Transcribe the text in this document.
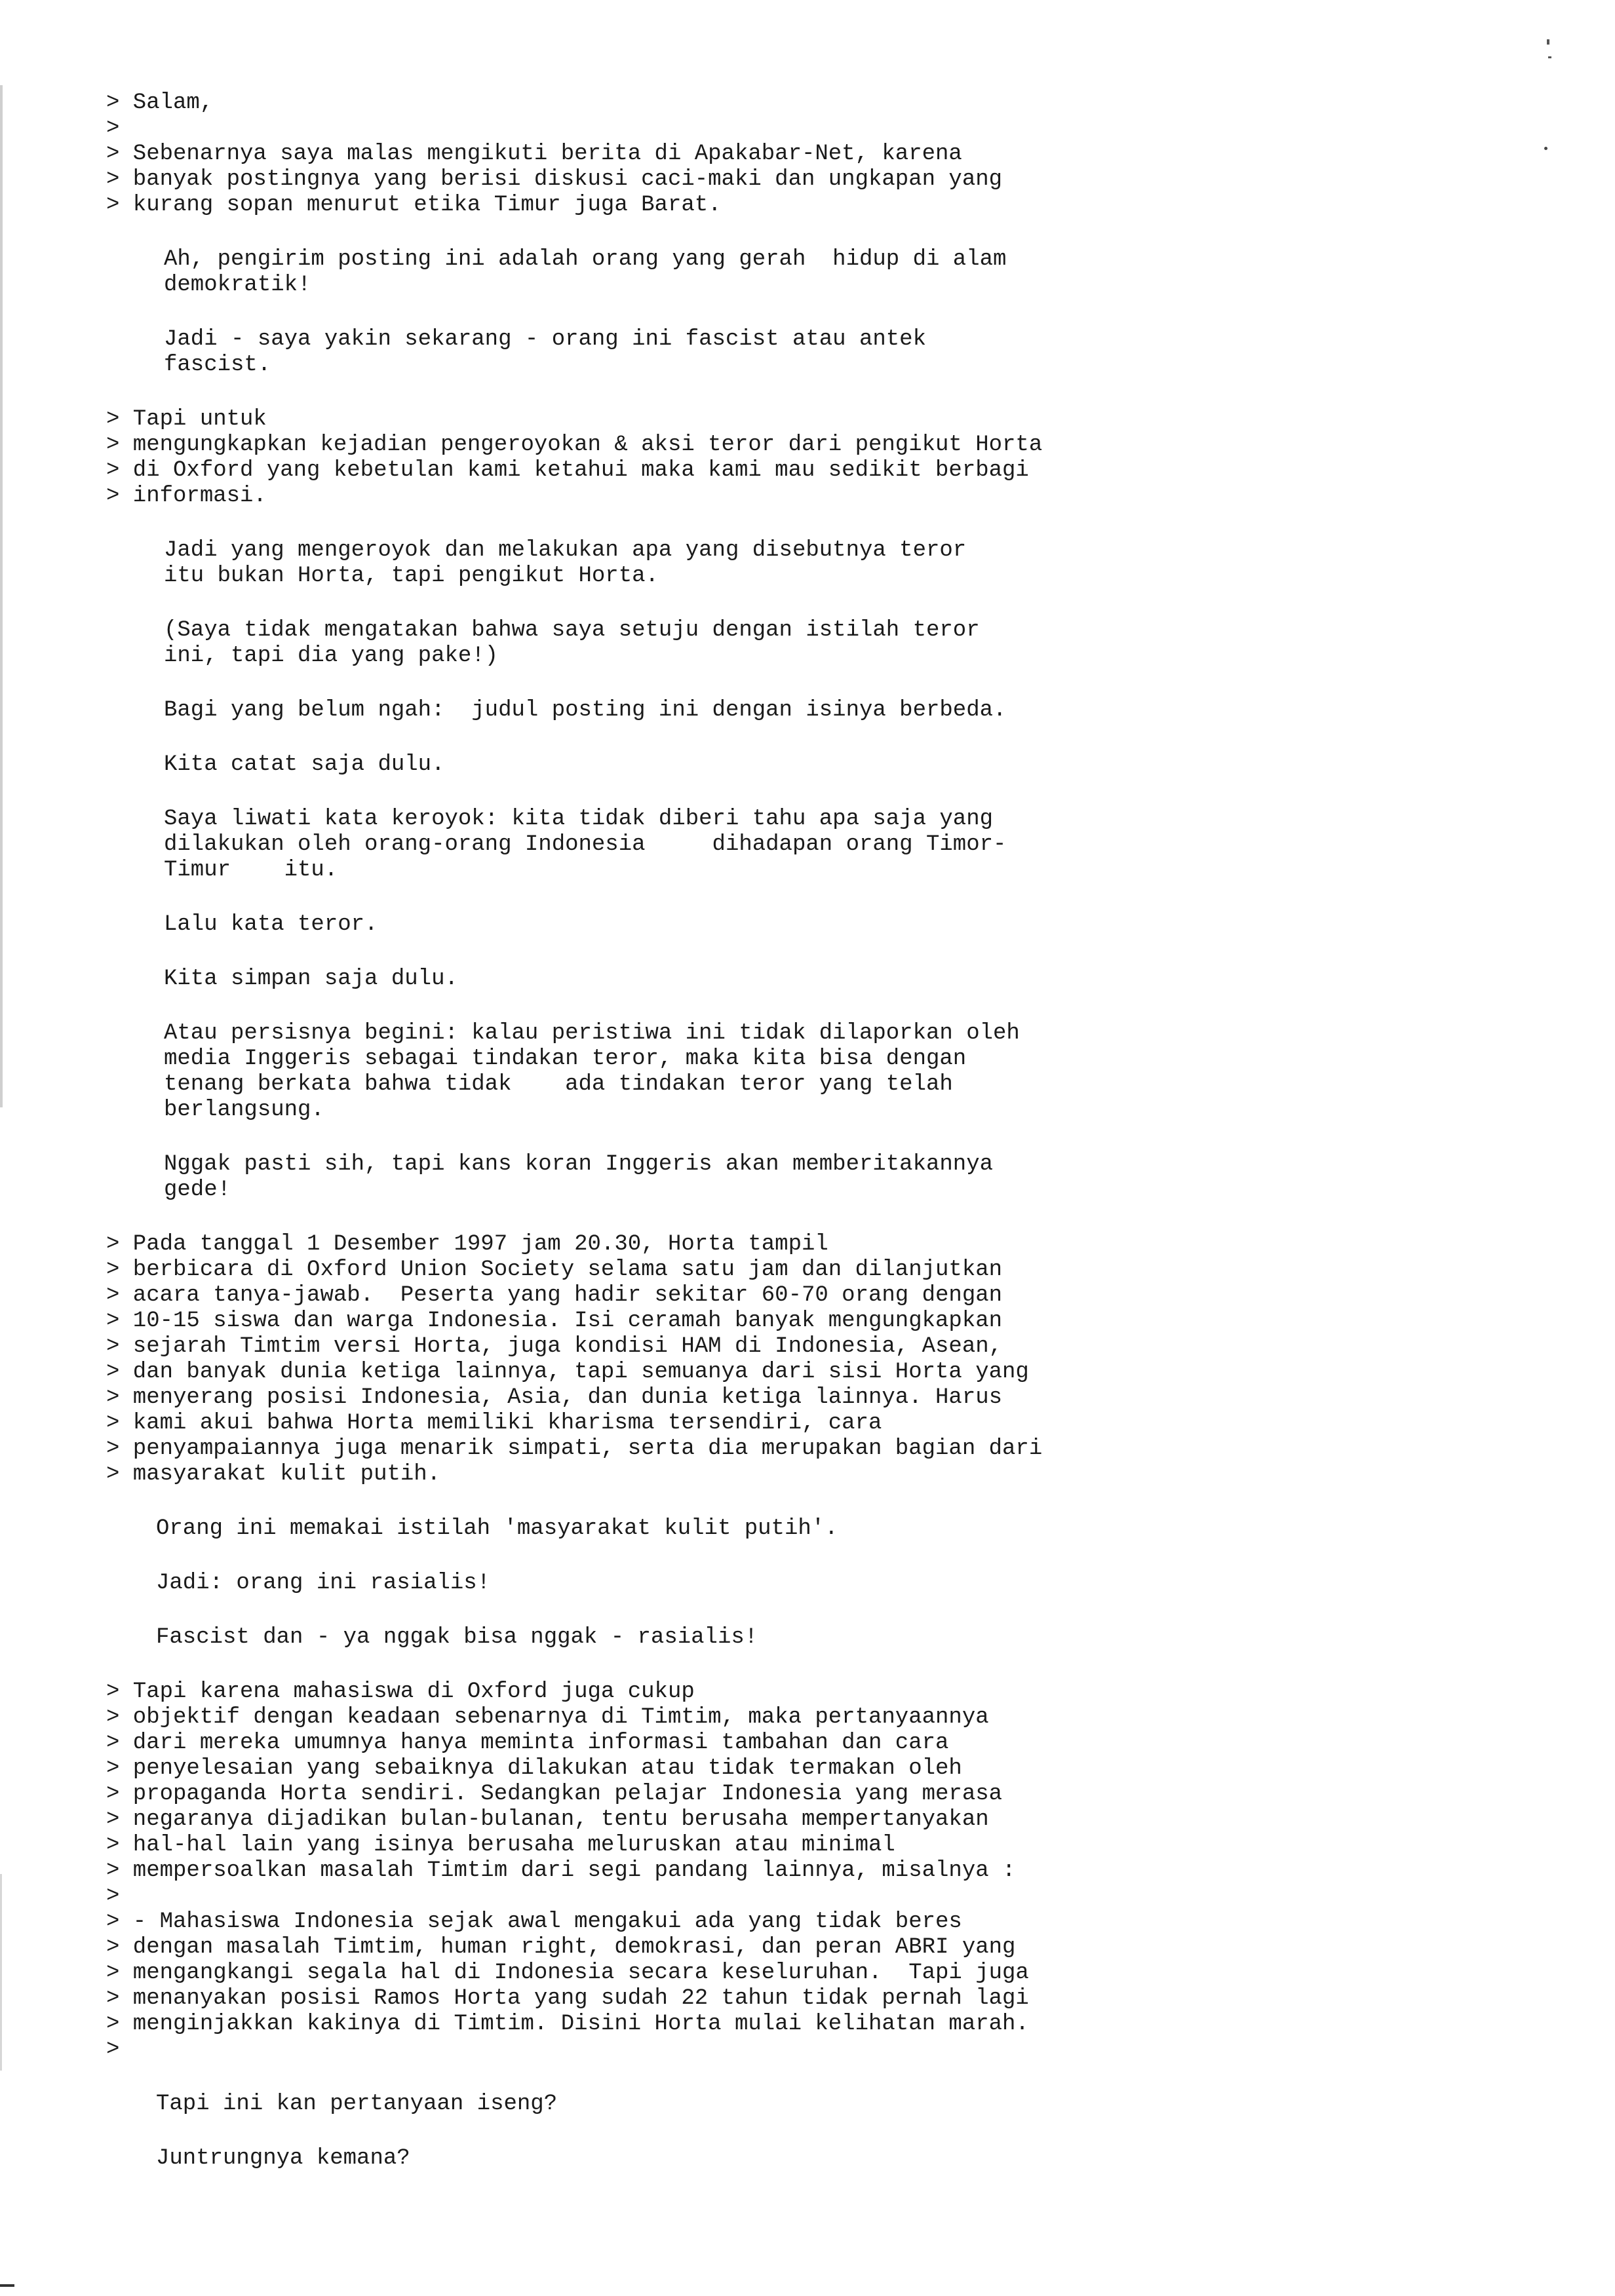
> Salam,
>
> Sebenarnya saya malas mengikuti berita di Apakabar-Net, karena
> banyak postingnya yang berisi diskusi caci-maki dan ungkapan yang
> kurang sopan menurut etika Timur juga Barat.
Ah, pengirim posting ini adalah orang yang gerah  hidup di alam
demokratik!
Jadi - saya yakin sekarang - orang ini fascist atau antek
fascist.
> Tapi untuk
> mengungkapkan kejadian pengeroyokan & aksi teror dari pengikut Horta
> di Oxford yang kebetulan kami ketahui maka kami mau sedikit berbagi
> informasi.
Jadi yang mengeroyok dan melakukan apa yang disebutnya teror
itu bukan Horta, tapi pengikut Horta.
(Saya tidak mengatakan bahwa saya setuju dengan istilah teror
ini, tapi dia yang pake!)
Bagi yang belum ngah:  judul posting ini dengan isinya berbeda.
Kita catat saja dulu.
Saya liwati kata keroyok: kita tidak diberi tahu apa saja yang
dilakukan oleh orang-orang Indonesia     dihadapan orang Timor-
Timur    itu.
Lalu kata teror.
Kita simpan saja dulu.
Atau persisnya begini: kalau peristiwa ini tidak dilaporkan oleh
media Inggeris sebagai tindakan teror, maka kita bisa dengan
tenang berkata bahwa tidak    ada tindakan teror yang telah
berlangsung.
Nggak pasti sih, tapi kans koran Inggeris akan memberitakannya
gede!
> Pada tanggal 1 Desember 1997 jam 20.30, Horta tampil
> berbicara di Oxford Union Society selama satu jam dan dilanjutkan
> acara tanya-jawab.  Peserta yang hadir sekitar 60-70 orang dengan
> 10-15 siswa dan warga Indonesia. Isi ceramah banyak mengungkapkan
> sejarah Timtim versi Horta, juga kondisi HAM di Indonesia, Asean,
> dan banyak dunia ketiga lainnya, tapi semuanya dari sisi Horta yang
> menyerang posisi Indonesia, Asia, dan dunia ketiga lainnya. Harus
> kami akui bahwa Horta memiliki kharisma tersendiri, cara
> penyampaiannya juga menarik simpati, serta dia merupakan bagian dari
> masyarakat kulit putih.
Orang ini memakai istilah 'masyarakat kulit putih'.
Jadi: orang ini rasialis!
Fascist dan - ya nggak bisa nggak - rasialis!
> Tapi karena mahasiswa di Oxford juga cukup
> objektif dengan keadaan sebenarnya di Timtim, maka pertanyaannya
> dari mereka umumnya hanya meminta informasi tambahan dan cara
> penyelesaian yang sebaiknya dilakukan atau tidak termakan oleh
> propaganda Horta sendiri. Sedangkan pelajar Indonesia yang merasa
> negaranya dijadikan bulan-bulanan, tentu berusaha mempertanyakan
> hal-hal lain yang isinya berusaha meluruskan atau minimal
> mempersoalkan masalah Timtim dari segi pandang lainnya, misalnya :
>
> - Mahasiswa Indonesia sejak awal mengakui ada yang tidak beres
> dengan masalah Timtim, human right, demokrasi, dan peran ABRI yang
> mengangkangi segala hal di Indonesia secara keseluruhan.  Tapi juga
> menanyakan posisi Ramos Horta yang sudah 22 tahun tidak pernah lagi
> menginjakkan kakinya di Timtim. Disini Horta mulai kelihatan marah.
>
Tapi ini kan pertanyaan iseng?
Juntrungnya kemana?
